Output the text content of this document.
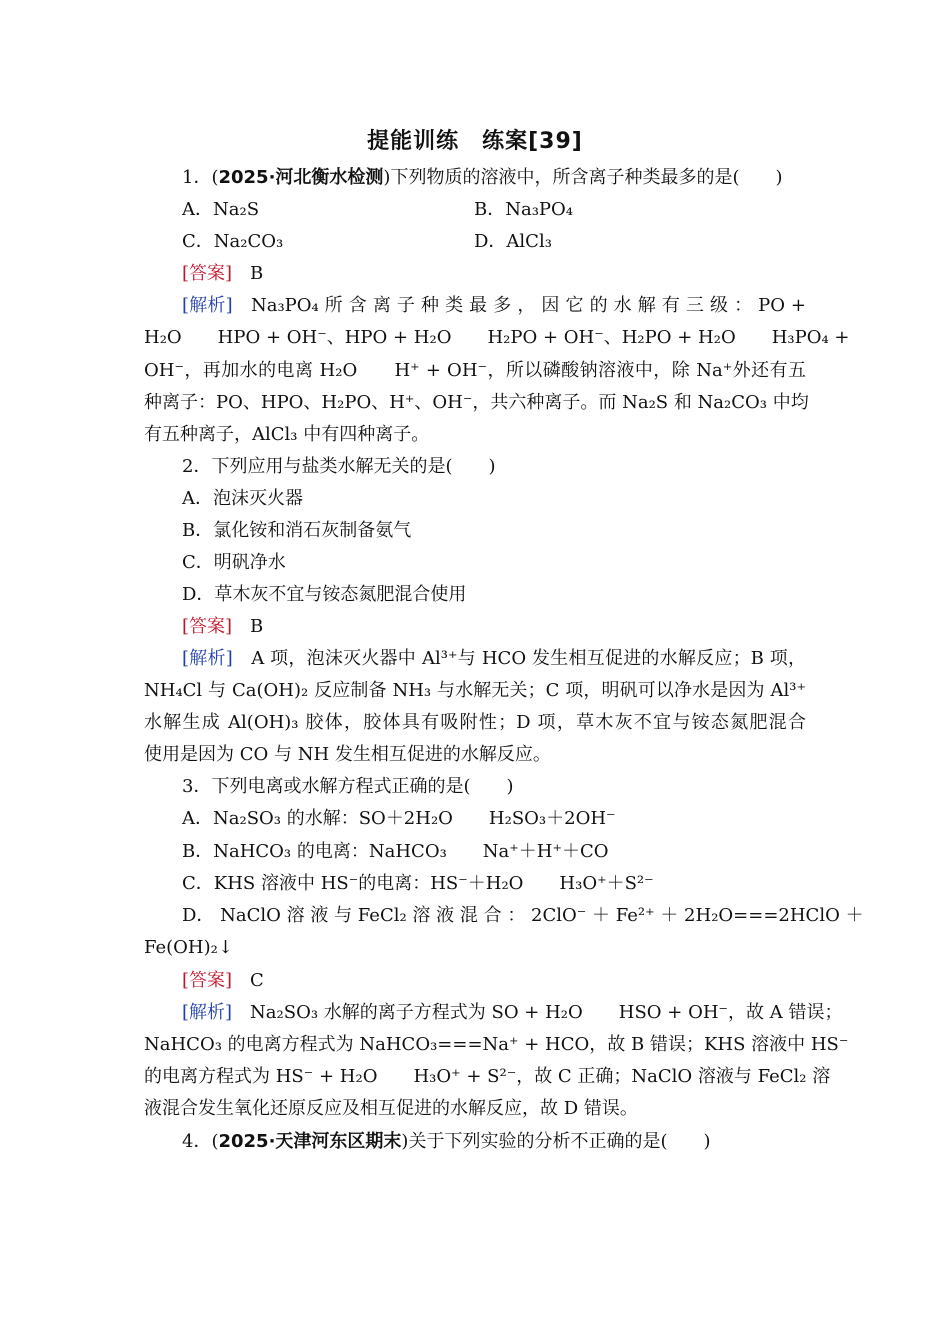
提能训练　练案[39]
1．(2025·河北衡水检测)下列物质的溶液中，所含离子种类最多的是(　　)
A．Na₂S	B．Na₃PO₄
C．Na₂CO₃	D．AlCl₃
[答案]　 B
[解析]　 Na₃PO₄ 所 含 离 子 种 类 最 多 ， 因 它 的 水 解 有 三 级 ： PO +
H₂O　　HPO + OH⁻、HPO + H₂O　　H₂PO + OH⁻、H₂PO + H₂O　　H₃PO₄ +
OH⁻，再加水的电离 H₂O　　H⁺ + OH⁻，所以磷酸钠溶液中，除 Na⁺外还有五
种离子：PO、HPO、H₂PO、H⁺、OH⁻，共六种离子。而 Na₂S 和 Na₂CO₃ 中均
有五种离子，AlCl₃ 中有四种离子。
2．下列应用与盐类水解无关的是(　　)
A．泡沫灭火器
B．氯化铵和消石灰制备氨气
C．明矾净水
D．草木灰不宜与铵态氮肥混合使用
[答案]　 B
[解析]　 A 项，泡沫灭火器中 Al³⁺与 HCO 发生相互促进的水解反应；B 项，
NH₄Cl 与 Ca(OH)₂ 反应制备 NH₃ 与水解无关；C 项，明矾可以净水是因为 Al³⁺
水解生成 Al(OH)₃ 胶体，胶体具有吸附性；D 项，草木灰不宜与铵态氮肥混合
使用是因为 CO 与 NH 发生相互促进的水解反应。
3．下列电离或水解方程式正确的是(　　)
A．Na₂SO₃ 的水解：SO＋2H₂O　　H₂SO₃＋2OH⁻
B．NaHCO₃ 的电离：NaHCO₃　　Na⁺＋H⁺＋CO
C．KHS 溶液中 HS⁻的电离：HS⁻＋H₂O　　H₃O⁺＋S²⁻
D． NaClO 溶 液 与 FeCl₂ 溶 液 混 合 ： 2ClO⁻ ＋ Fe²⁺ ＋ 2H₂O===2HClO ＋
Fe(OH)₂↓
[答案]　 C
[解析]　 Na₂SO₃ 水解的离子方程式为 SO + H₂O　　HSO + OH⁻，故 A 错误；
NaHCO₃ 的电离方程式为 NaHCO₃===Na⁺ + HCO，故 B 错误；KHS 溶液中 HS⁻
的电离方程式为 HS⁻ + H₂O　　H₃O⁺ + S²⁻，故 C 正确；NaClO 溶液与 FeCl₂ 溶
液混合发生氧化还原反应及相互促进的水解反应，故 D 错误。
4．(2025·天津河东区期末)关于下列实验的分析不正确的是(　　)
